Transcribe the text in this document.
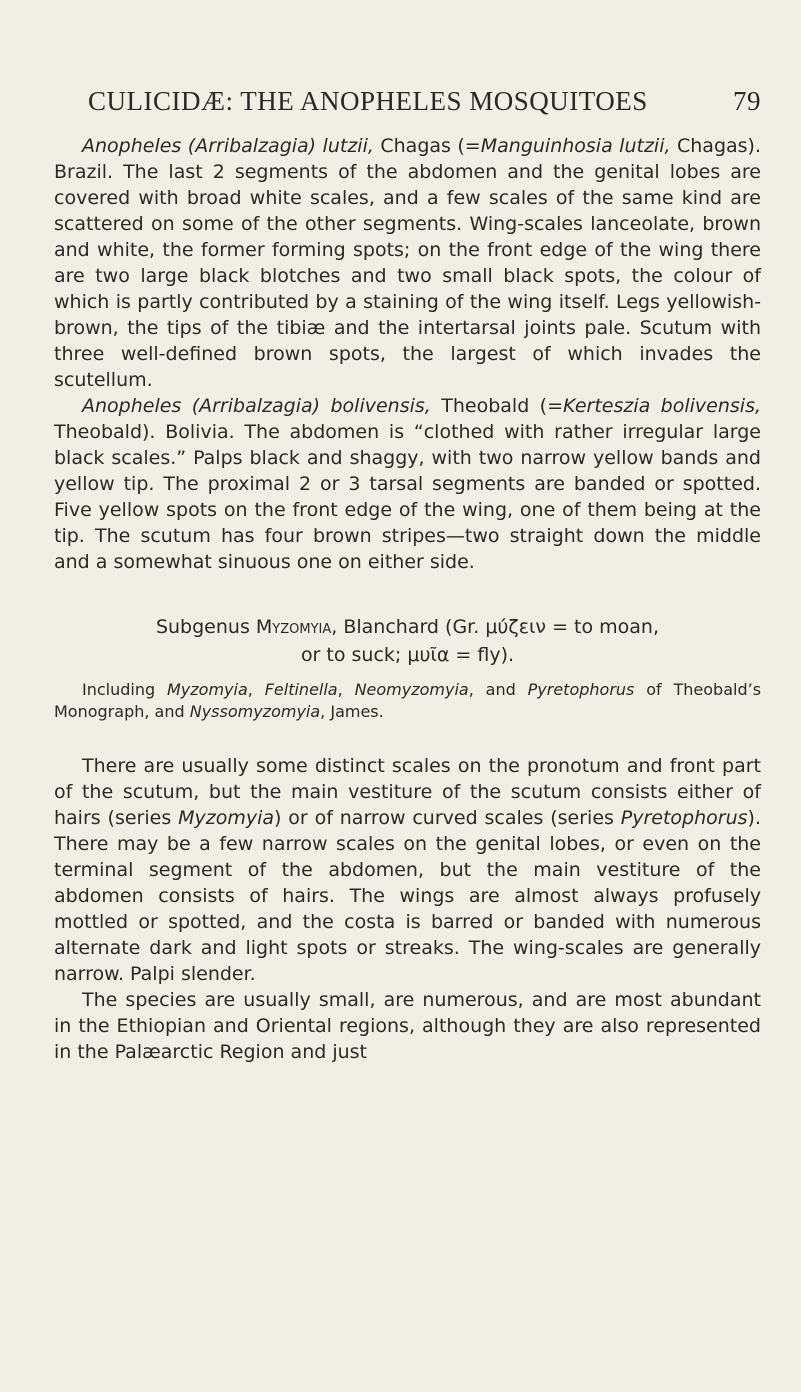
CULICIDÆ: THE ANOPHELES MOSQUITOES	79

Anopheles (Arribalzagia) lutzii, Chagas (=Manguinhosia lutzii, Chagas). Brazil. The last 2 segments of the abdomen and the genital lobes are covered with broad white scales, and a few scales of the same kind are scattered on some of the other segments. Wing-scales lanceolate, brown and white, the former forming spots; on the front edge of the wing there are two large black blotches and two small black spots, the colour of which is partly contributed by a staining of the wing itself. Legs yellowish-brown, the tips of the tibiæ and the intertarsal joints pale. Scutum with three well-defined brown spots, the largest of which invades the scutellum.

Anopheles (Arribalzagia) bolivensis, Theobald (=Kerteszia bolivensis, Theobald). Bolivia. The abdomen is “clothed with rather irregular large black scales.” Palps black and shaggy, with two narrow yellow bands and yellow tip. The proximal 2 or 3 tarsal segments are banded or spotted. Five yellow spots on the front edge of the wing, one of them being at the tip. The scutum has four brown stripes—two straight down the middle and a somewhat sinuous one on either side.

Subgenus Myzomyia, Blanchard (Gr. μύζειν = to moan,
or to suck; μυῖα = fly).

Including Myzomyia, Feltinella, Neomyzomyia, and Pyretophorus of Theobald’s Monograph, and Nyssomyzomyia, James.

There are usually some distinct scales on the pronotum and front part of the scutum, but the main vestiture of the scutum consists either of hairs (series Myzomyia) or of narrow curved scales (series Pyretophorus). There may be a few narrow scales on the genital lobes, or even on the terminal segment of the abdomen, but the main vestiture of the abdomen consists of hairs. The wings are almost always profusely mottled or spotted, and the costa is barred or banded with numerous alternate dark and light spots or streaks. The wing-scales are generally narrow. Palpi slender.

The species are usually small, are numerous, and are most abundant in the Ethiopian and Oriental regions, although they are also represented in the Palæarctic Region and just
